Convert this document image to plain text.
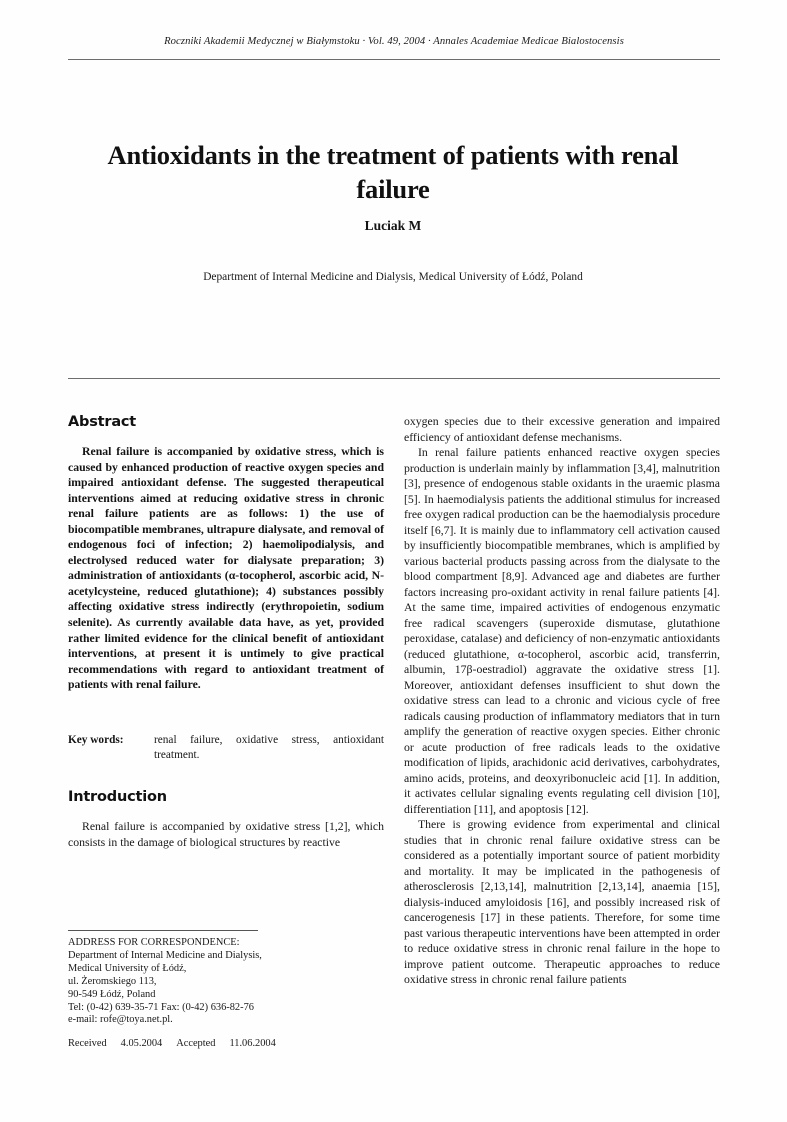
Roczniki Akademii Medycznej w Białymstoku · Vol. 49, 2004 · Annales Academiae Medicae Bialostocensis
Antioxidants in the treatment of patients with renal failure
Luciak M
Department of Internal Medicine and Dialysis, Medical University of Łódź, Poland
Abstract

Renal failure is accompanied by oxidative stress, which is caused by enhanced production of reactive oxygen species and impaired antioxidant defense. The suggested therapeutical interventions aimed at reducing oxidative stress in chronic renal failure patients are as follows: 1) the use of biocompatible membranes, ultrapure dialysate, and removal of endogenous foci of infection; 2) haemolipodialysis, and electrolysed reduced water for dialysate preparation; 3) administration of antioxidants (α-tocopherol, ascorbic acid, N-acetylcysteine, reduced glutathione); 4) substances possibly affecting oxidative stress indirectly (erythropoietin, sodium selenite). As currently available data have, as yet, provided rather limited evidence for the clinical benefit of antioxidant interventions, at present it is untimely to give practical recommendations with regard to antioxidant treatment of patients with renal failure.

Key words:	renal failure, oxidative stress, antioxidant treatment.
Introduction

Renal failure is accompanied by oxidative stress [1,2], which consists in the damage of biological structures by reactive

oxygen species due to their excessive generation and impaired efficiency of antioxidant defense mechanisms.

In renal failure patients enhanced reactive oxygen species production is underlain mainly by inflammation [3,4], malnutrition [3], presence of endogenous stable oxidants in the uraemic plasma [5]. In haemodialysis patients the additional stimulus for increased free oxygen radical production can be the haemodialysis procedure itself [6,7]. It is mainly due to inflammatory cell activation caused by insufficiently biocompatible membranes, which is amplified by various bacterial products passing across from the dialysate to the blood compartment [8,9]. Advanced age and diabetes are further factors increasing pro-oxidant activity in renal failure patients [4]. At the same time, impaired activities of endogenous enzymatic free radical scavengers (superoxide dismutase, glutathione peroxidase, catalase) and deficiency of non-enzymatic antioxidants (reduced glutathione, α-tocopherol, ascorbic acid, transferrin, albumin, 17β-oestradiol) aggravate the oxidative stress [1]. Moreover, antioxidant defenses insufficient to shut down the oxidative stress can lead to a chronic and vicious cycle of free radicals causing production of inflammatory mediators that in turn amplify the generation of reactive oxygen species. Either chronic or acute production of free radicals leads to the oxidative modification of lipids, arachidonic acid derivatives, carbohydrates, amino acids, proteins, and deoxyribonucleic acid [1]. In addition, it activates cellular signaling events regulating cell division [10], differentiation [11], and apoptosis [12].

There is growing evidence from experimental and clinical studies that in chronic renal failure oxidative stress can be considered as a potentially important source of patient morbidity and mortality. It may be implicated in the pathogenesis of atherosclerosis [2,13,14], malnutrition [2,13,14], anaemia [15], dialysis-induced amyloidosis [16], and possibly increased risk of cancerogenesis [17] in these patients. Therefore, for some time past various therapeutic interventions have been attempted in order to reduce oxidative stress in chronic renal failure in the hope to improve patient outcome. Therapeutic approaches to reduce oxidative stress in chronic renal failure patients

ADDRESS FOR CORRESPONDENCE:
Department of Internal Medicine and Dialysis,
Medical University of Łódź,
ul. Żeromskiego 113,
90-549 Łódź, Poland
Tel: (0-42) 639-35-71 Fax: (0-42) 636-82-76
e-mail: rofe@toya.net.pl.
Received 4.05.2004 Accepted 11.06.2004
